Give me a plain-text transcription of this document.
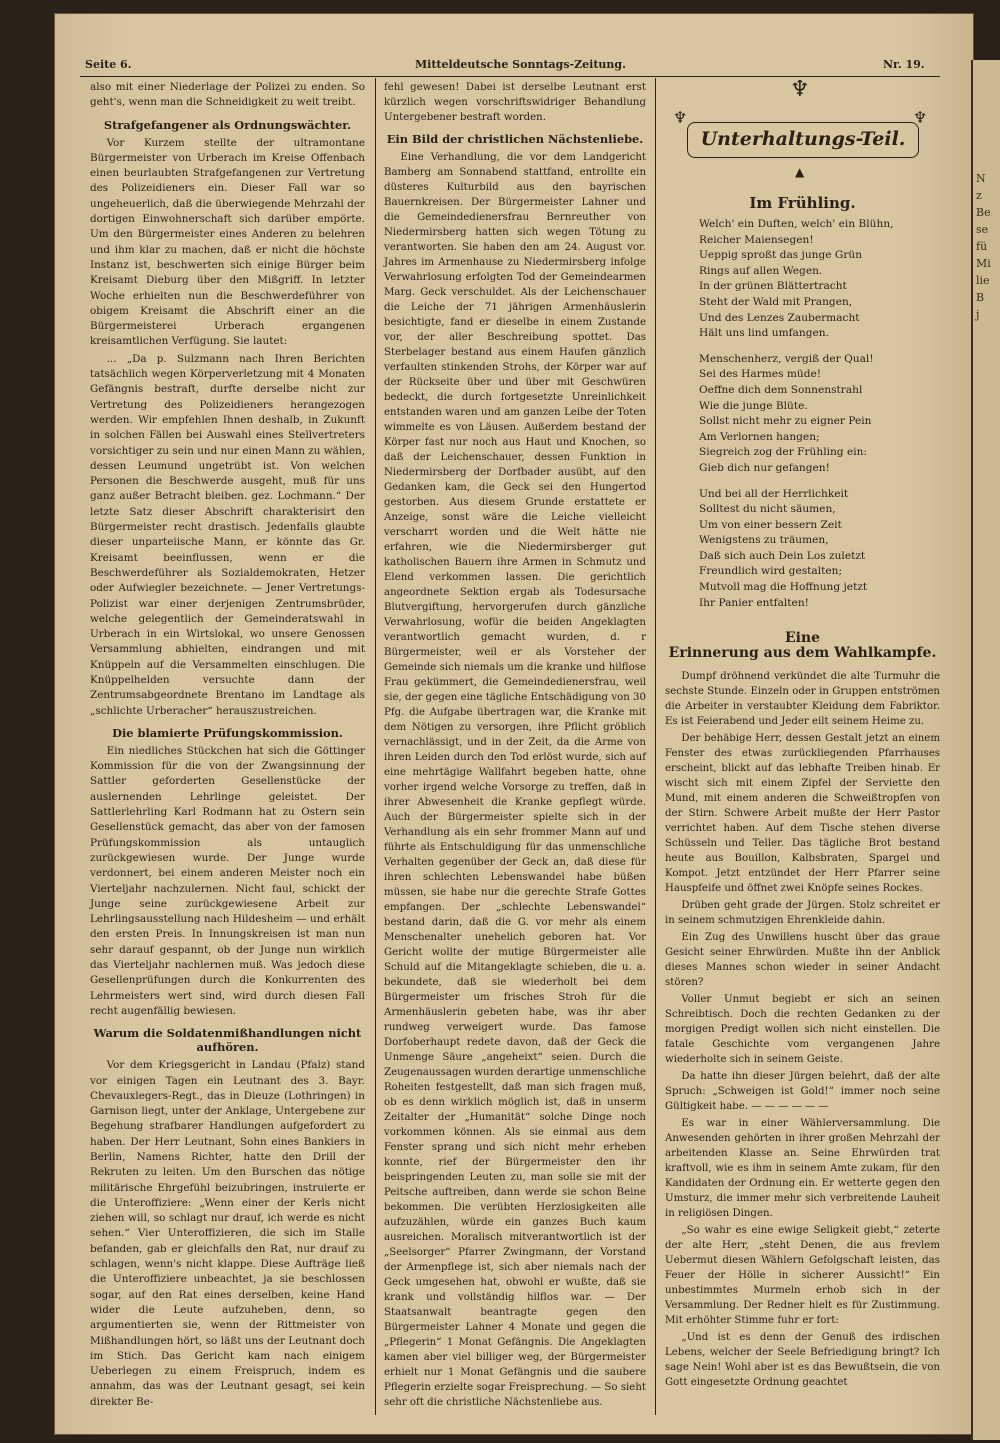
N
z
Be
se
fü
Mi
lie
B
j
Seite 6.	Mitteldeutsche Sonntags-Zeitung.	Nr. 19.

also mit einer Niederlage der Polizei zu enden. So geht's, wenn man die Schneidigkeit zu weit treibt.

Strafgefangener als Ordnungswächter.

Vor Kurzem stellte der ultramontane Bürgermeister von Urberach im Kreise Offenbach einen beurlaubten Strafgefangenen zur Vertretung des Polizeidieners ein. Dieser Fall war so ungeheuerlich, daß die überwiegende Mehrzahl der dortigen Einwohnerschaft sich darüber empörte. Um den Bürgermeister eines Anderen zu belehren und ihm klar zu machen, daß er nicht die höchste Instanz ist, beschwerten sich einige Bürger beim Kreisamt Dieburg über den Mißgriff. In letzter Woche erhielten nun die Beschwerdeführer von obigem Kreisamt die Abschrift einer an die Bürgermeisterei Urberach ergangenen kreisamtlichen Verfügung. Sie lautet:

... „Da p. Sulzmann nach Ihren Berichten tatsächlich wegen Körperverletzung mit 4 Monaten Gefängnis bestraft, durfte derselbe nicht zur Vertretung des Polizeidieners herangezogen werden. Wir empfehlen Ihnen deshalb, in Zukunft in solchen Fällen bei Auswahl eines Stellvertreters vorsichtiger zu sein und nur einen Mann zu wählen, dessen Leumund ungetrübt ist. Von welchen Personen die Beschwerde ausgeht, muß für uns ganz außer Betracht bleiben. gez. Lochmann.“ Der letzte Satz dieser Abschrift charakterisirt den Bürgermeister recht drastisch. Jedenfalls glaubte dieser unparteiische Mann, er könnte das Gr. Kreisamt beeinflussen, wenn er die Beschwerdeführer als Sozialdemokraten, Hetzer oder Aufwiegler bezeichnete. — Jener Vertretungs-Polizist war einer derjenigen Zentrumsbrüder, welche gelegentlich der Gemeinderatswahl in Urberach in ein Wirtslokal, wo unsere Genossen Versammlung abhielten, eindrangen und mit Knüppeln auf die Versammelten einschlugen. Die Knüppelhelden versuchte dann der Zentrumsabgeordnete Brentano im Landtage als „schlichte Urberacher“ herauszustreichen.

Die blamierte Prüfungskommission.

Ein niedliches Stückchen hat sich die Göttinger Kommission für die von der Zwangsinnung der Sattler geforderten Gesellenstücke der auslernenden Lehrlinge geleistet. Der Sattlerlehrling Karl Rodmann hat zu Ostern sein Gesellenstück gemacht, das aber von der famosen Prüfungskommission als untauglich zurückgewiesen wurde. Der Junge wurde verdonnert, bei einem anderen Meister noch ein Vierteljahr nachzulernen. Nicht faul, schickt der Junge seine zurückgewiesene Arbeit zur Lehrlingsausstellung nach Hildesheim — und erhält den ersten Preis. In Innungskreisen ist man nun sehr darauf gespannt, ob der Junge nun wirklich das Vierteljahr nachlernen muß. Was jedoch diese Gesellenprüfungen durch die Konkurrenten des Lehrmeisters wert sind, wird durch diesen Fall recht augenfällig bewiesen.

Warum die Soldatenmißhandlungen nicht aufhören.

Vor dem Kriegsgericht in Landau (Pfalz) stand vor einigen Tagen ein Leutnant des 3. Bayr. Chevauxlegers-Regt., das in Dieuze (Lothringen) in Garnison liegt, unter der Anklage, Untergebene zur Begehung strafbarer Handlungen aufgefordert zu haben. Der Herr Leutnant, Sohn eines Bankiers in Berlin, Namens Richter, hatte den Drill der Rekruten zu leiten. Um den Burschen das nötige militärische Ehrgefühl beizubringen, instruierte er die Unteroffiziere: „Wenn einer der Kerls nicht ziehen will, so schlagt nur drauf, ich werde es nicht sehen.“ Vier Unteroffizieren, die sich im Stalle befanden, gab er gleichfalls den Rat, nur drauf zu schlagen, wenn's nicht klappe. Diese Aufträge ließ die Unteroffiziere unbeachtet, ja sie beschlossen sogar, auf den Rat eines derselben, keine Hand wider die Leute aufzuheben, denn, so argumentierten sie, wenn der Rittmeister von Mißhandlungen hört, so läßt uns der Leutnant doch im Stich. Das Gericht kam nach einigem Ueberlegen zu einem Freispruch, indem es annahm, das was der Leutnant gesagt, sei kein direkter Be-

fehl gewesen! Dabei ist derselbe Leutnant erst kürzlich wegen vorschriftswidriger Behandlung Untergebener bestraft worden.

Ein Bild der christlichen Nächstenliebe.

Eine Verhandlung, die vor dem Landgericht Bamberg am Sonnabend stattfand, entrollte ein düsteres Kulturbild aus den bayrischen Bauernkreisen. Der Bürgermeister Lahner und die Gemeindedienersfrau Bernreuther von Niedermirsberg hatten sich wegen Tötung zu verantworten. Sie haben den am 24. August vor. Jahres im Armenhause zu Niedermirsberg infolge Verwahrlosung erfolgten Tod der Gemeindearmen Marg. Geck verschuldet. Als der Leichenschauer die Leiche der 71 jährigen Armenhäuslerin besichtigte, fand er dieselbe in einem Zustande vor, der aller Beschreibung spottet. Das Sterbelager bestand aus einem Haufen gänzlich verfaulten stinkenden Strohs, der Körper war auf der Rückseite über und über mit Geschwüren bedeckt, die durch fortgesetzte Unreinlichkeit entstanden waren und am ganzen Leibe der Toten wimmelte es von Läusen. Außerdem bestand der Körper fast nur noch aus Haut und Knochen, so daß der Leichenschauer, dessen Funktion in Niedermirsberg der Dorfbader ausübt, auf den Gedanken kam, die Geck sei den Hungertod gestorben. Aus diesem Grunde erstattete er Anzeige, sonst wäre die Leiche vielleicht verscharrt worden und die Welt hätte nie erfahren, wie die Niedermirsberger gut katholischen Bauern ihre Armen in Schmutz und Elend verkommen lassen. Die gerichtlich angeordnete Sektion ergab als Todesursache Blutvergiftung, hervorgerufen durch gänzliche Verwahrlosung, wofür die beiden Angeklagten verantwortlich gemacht wurden, d. r Bürgermeister, weil er als Vorsteher der Gemeinde sich niemals um die kranke und hilflose Frau gekümmert, die Gemeindedienersfrau, weil sie, der gegen eine tägliche Entschädigung von 30 Pfg. die Aufgabe übertragen war, die Kranke mit dem Nötigen zu versorgen, ihre Pflicht gröblich vernachlässigt, und in der Zeit, da die Arme von ihren Leiden durch den Tod erlöst wurde, sich auf eine mehrtägige Wallfahrt begeben hatte, ohne vorher irgend welche Vorsorge zu treffen, daß in ihrer Abwesenheit die Kranke gepflegt würde. Auch der Bürgermeister spielte sich in der Verhandlung als ein sehr frommer Mann auf und führte als Entschuldigung für das unmenschliche Verhalten gegenüber der Geck an, daß diese für ihren schlechten Lebenswandel habe büßen müssen, sie habe nur die gerechte Strafe Gottes empfangen. Der „schlechte Lebenswandel“ bestand darin, daß die G. vor mehr als einem Menschenalter unehelich geboren hat. Vor Gericht wollte der mutige Bürgermeister alle Schuld auf die Mitangeklagte schieben, die u. a. bekundete, daß sie wiederholt bei dem Bürgermeister um frisches Stroh für die Armenhäuslerin gebeten habe, was ihr aber rundweg verweigert wurde. Das famose Dorfoberhaupt redete davon, daß der Geck die Unmenge Säure „angeheixt“ seien. Durch die Zeugenaussagen wurden derartige unmenschliche Roheiten festgestellt, daß man sich fragen muß, ob es denn wirklich möglich ist, daß in unserm Zeitalter der „Humanität“ solche Dinge noch vorkommen können. Als sie einmal aus dem Fenster sprang und sich nicht mehr erheben konnte, rief der Bürgermeister den ihr beispringenden Leuten zu, man solle sie mit der Peitsche auftreiben, dann werde sie schon Beine bekommen. Die verübten Herzlosigkeiten alle aufzuzählen, würde ein ganzes Buch kaum ausreichen. Moralisch mitverantwortlich ist der „Seelsorger“ Pfarrer Zwingmann, der Vorstand der Armenpflege ist, sich aber niemals nach der Geck umgesehen hat, obwohl er wußte, daß sie krank und vollständig hilflos war. — Der Staatsanwalt beantragte gegen den Bürgermeister Lahner 4 Monate und gegen die „Pflegerin“ 1 Monat Gefängnis. Die Angeklagten kamen aber viel billiger weg, der Bürgermeister erhielt nur 1 Monat Gefängnis und die saubere Pflegerin erzielte sogar Freisprechung. — So sieht sehr oft die christliche Nächstenliebe aus.

♆
♆
♆
Unterhaltungs-Teil.
▲
Im Frühling.
Welch' ein Duften, welch' ein Blühn,
Reicher Maiensegen!
Ueppig sproßt das junge Grün
Rings auf allen Wegen.
In der grünen Blättertracht
Steht der Wald mit Prangen,
Und des Lenzes Zaubermacht
Hält uns lind umfangen.
Menschenherz, vergiß der Qual!
Sei des Harmes müde!
Oeffne dich dem Sonnenstrahl
Wie die junge Blüte.
Sollst nicht mehr zu eigner Pein
Am Verlornen hangen;
Siegreich zog der Frühling ein:
Gieb dich nur gefangen!
Und bei all der Herrlichkeit
Solltest du nicht säumen,
Um von einer bessern Zeit
Wenigstens zu träumen,
Daß sich auch Dein Los zuletzt
Freundlich wird gestalten;
Mutvoll mag die Hoffnung jetzt
Ihr Panier entfalten!
Eine
Erinnerung aus dem Wahlkampfe.

Dumpf dröhnend verkündet die alte Turmuhr die sechste Stunde. Einzeln oder in Gruppen entströmen die Arbeiter in verstaubter Kleidung dem Fabriktor. Es ist Feierabend und Jeder eilt seinem Heime zu.

Der behäbige Herr, dessen Gestalt jetzt an einem Fenster des etwas zurückliegenden Pfarrhauses erscheint, blickt auf das lebhafte Treiben hinab. Er wischt sich mit einem Zipfel der Serviette den Mund, mit einem anderen die Schweißtropfen von der Stirn. Schwere Arbeit mußte der Herr Pastor verrichtet haben. Auf dem Tische stehen diverse Schüsseln und Teller. Das tägliche Brot bestand heute aus Bouillon, Kalbsbraten, Spargel und Kompot. Jetzt entzündet der Herr Pfarrer seine Hauspfeife und öffnet zwei Knöpfe seines Rockes.

Drüben geht grade der Jürgen. Stolz schreitet er in seinem schmutzigen Ehrenkleide dahin.

Ein Zug des Unwillens huscht über das graue Gesicht seiner Ehrwürden. Mußte ihn der Anblick dieses Mannes schon wieder in seiner Andacht stören?

Voller Unmut begiebt er sich an seinen Schreibtisch. Doch die rechten Gedanken zu der morgigen Predigt wollen sich nicht einstellen. Die fatale Geschichte vom vergangenen Jahre wiederholte sich in seinem Geiste.

Da hatte ihn dieser Jürgen belehrt, daß der alte Spruch: „Schweigen ist Gold!“ immer noch seine Gültigkeit habe. — — — — — —

Es war in einer Wählerversammlung. Die Anwesenden gehörten in ihrer großen Mehrzahl der arbeitenden Klasse an. Seine Ehrwürden trat kraftvoll, wie es ihm in seinem Amte zukam, für den Kandidaten der Ordnung ein. Er wetterte gegen den Umsturz, die immer mehr sich verbreitende Lauheit in religiösen Dingen.

„So wahr es eine ewige Seligkeit giebt,“ zeterte der alte Herr, „steht Denen, die aus frevlem Uebermut diesen Wählern Gefolgschaft leisten, das Feuer der Hölle in sicherer Aussicht!“ Ein unbestimmtes Murmeln erhob sich in der Versammlung. Der Redner hielt es für Zustimmung. Mit erhöhter Stimme fuhr er fort:

„Und ist es denn der Genuß des irdischen Lebens, welcher der Seele Befriedigung bringt? Ich sage Nein! Wohl aber ist es das Bewußtsein, die von Gott eingesetzte Ordnung geachtet
